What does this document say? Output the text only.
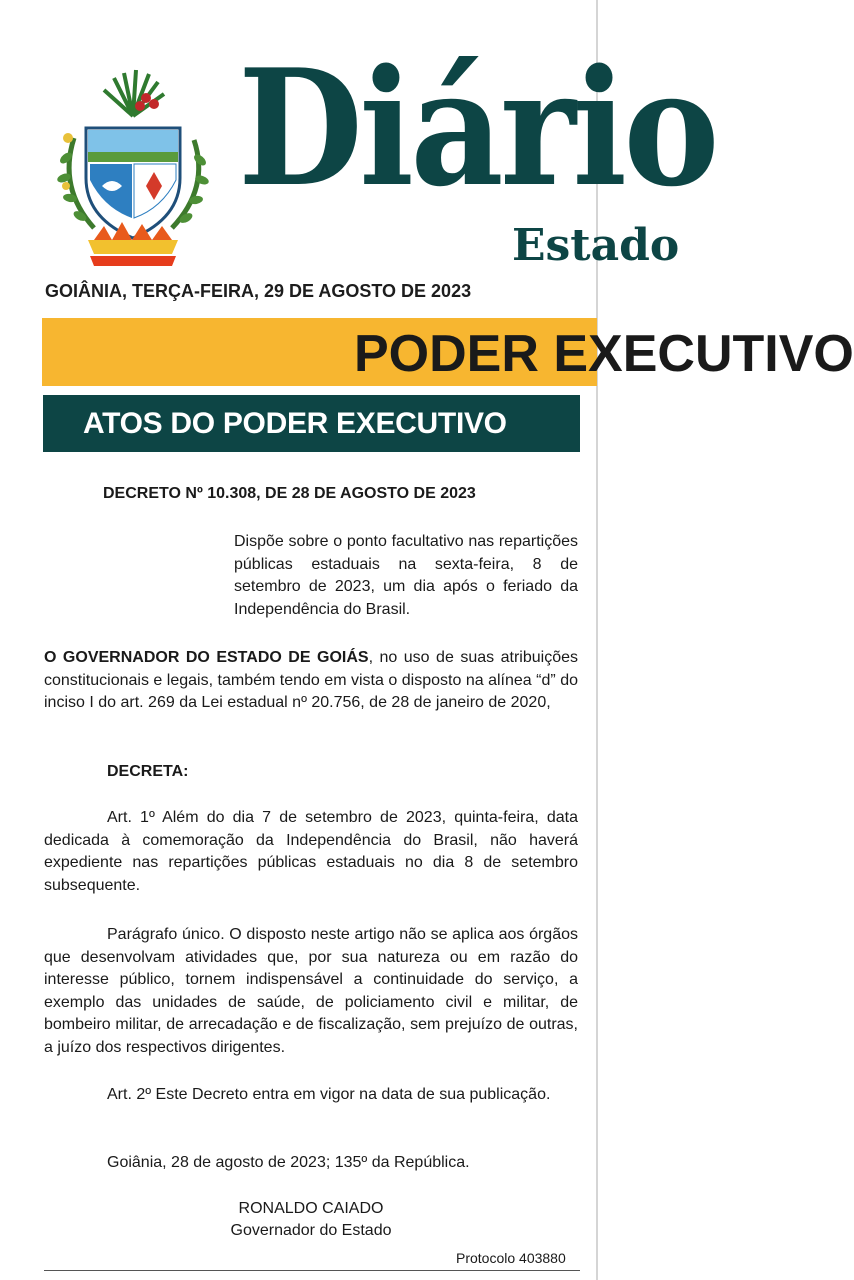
Diário
Estado
GOIÂNIA, TERÇA-FEIRA, 29 DE AGOSTO DE 2023
PODER EXECUTIVO
ATOS DO PODER EXECUTIVO
DECRETO Nº 10.308, DE 28 DE AGOSTO DE 2023
Dispõe sobre o ponto facultativo nas repartições públicas estaduais na sexta-feira, 8 de setembro de 2023, um dia após o feriado da Independência do Brasil.
O GOVERNADOR DO ESTADO DE GOIÁS, no uso de suas atribuições constitucionais e legais, também tendo em vista o disposto na alínea “d” do inciso I do art. 269 da Lei estadual nº 20.756, de 28 de janeiro de 2020,
DECRETA:
Art. 1º Além do dia 7 de setembro de 2023, quinta-feira, data dedicada à comemoração da Independência do Brasil, não haverá expediente nas repartições públicas estaduais no dia 8 de setembro subsequente.
Parágrafo único. O disposto neste artigo não se aplica aos órgãos que desenvolvam atividades que, por sua natureza ou em razão do interesse público, tornem indispensável a continuidade do serviço, a exemplo das unidades de saúde, de policiamento civil e militar, de bombeiro militar, de arrecadação e de fiscalização, sem prejuízo de outras, a juízo dos respectivos dirigentes.
Art. 2º Este Decreto entra em vigor na data de sua publicação.
Goiânia, 28 de agosto de 2023; 135º da República.
RONALDO CAIADO
Governador do Estado
Protocolo 403880
